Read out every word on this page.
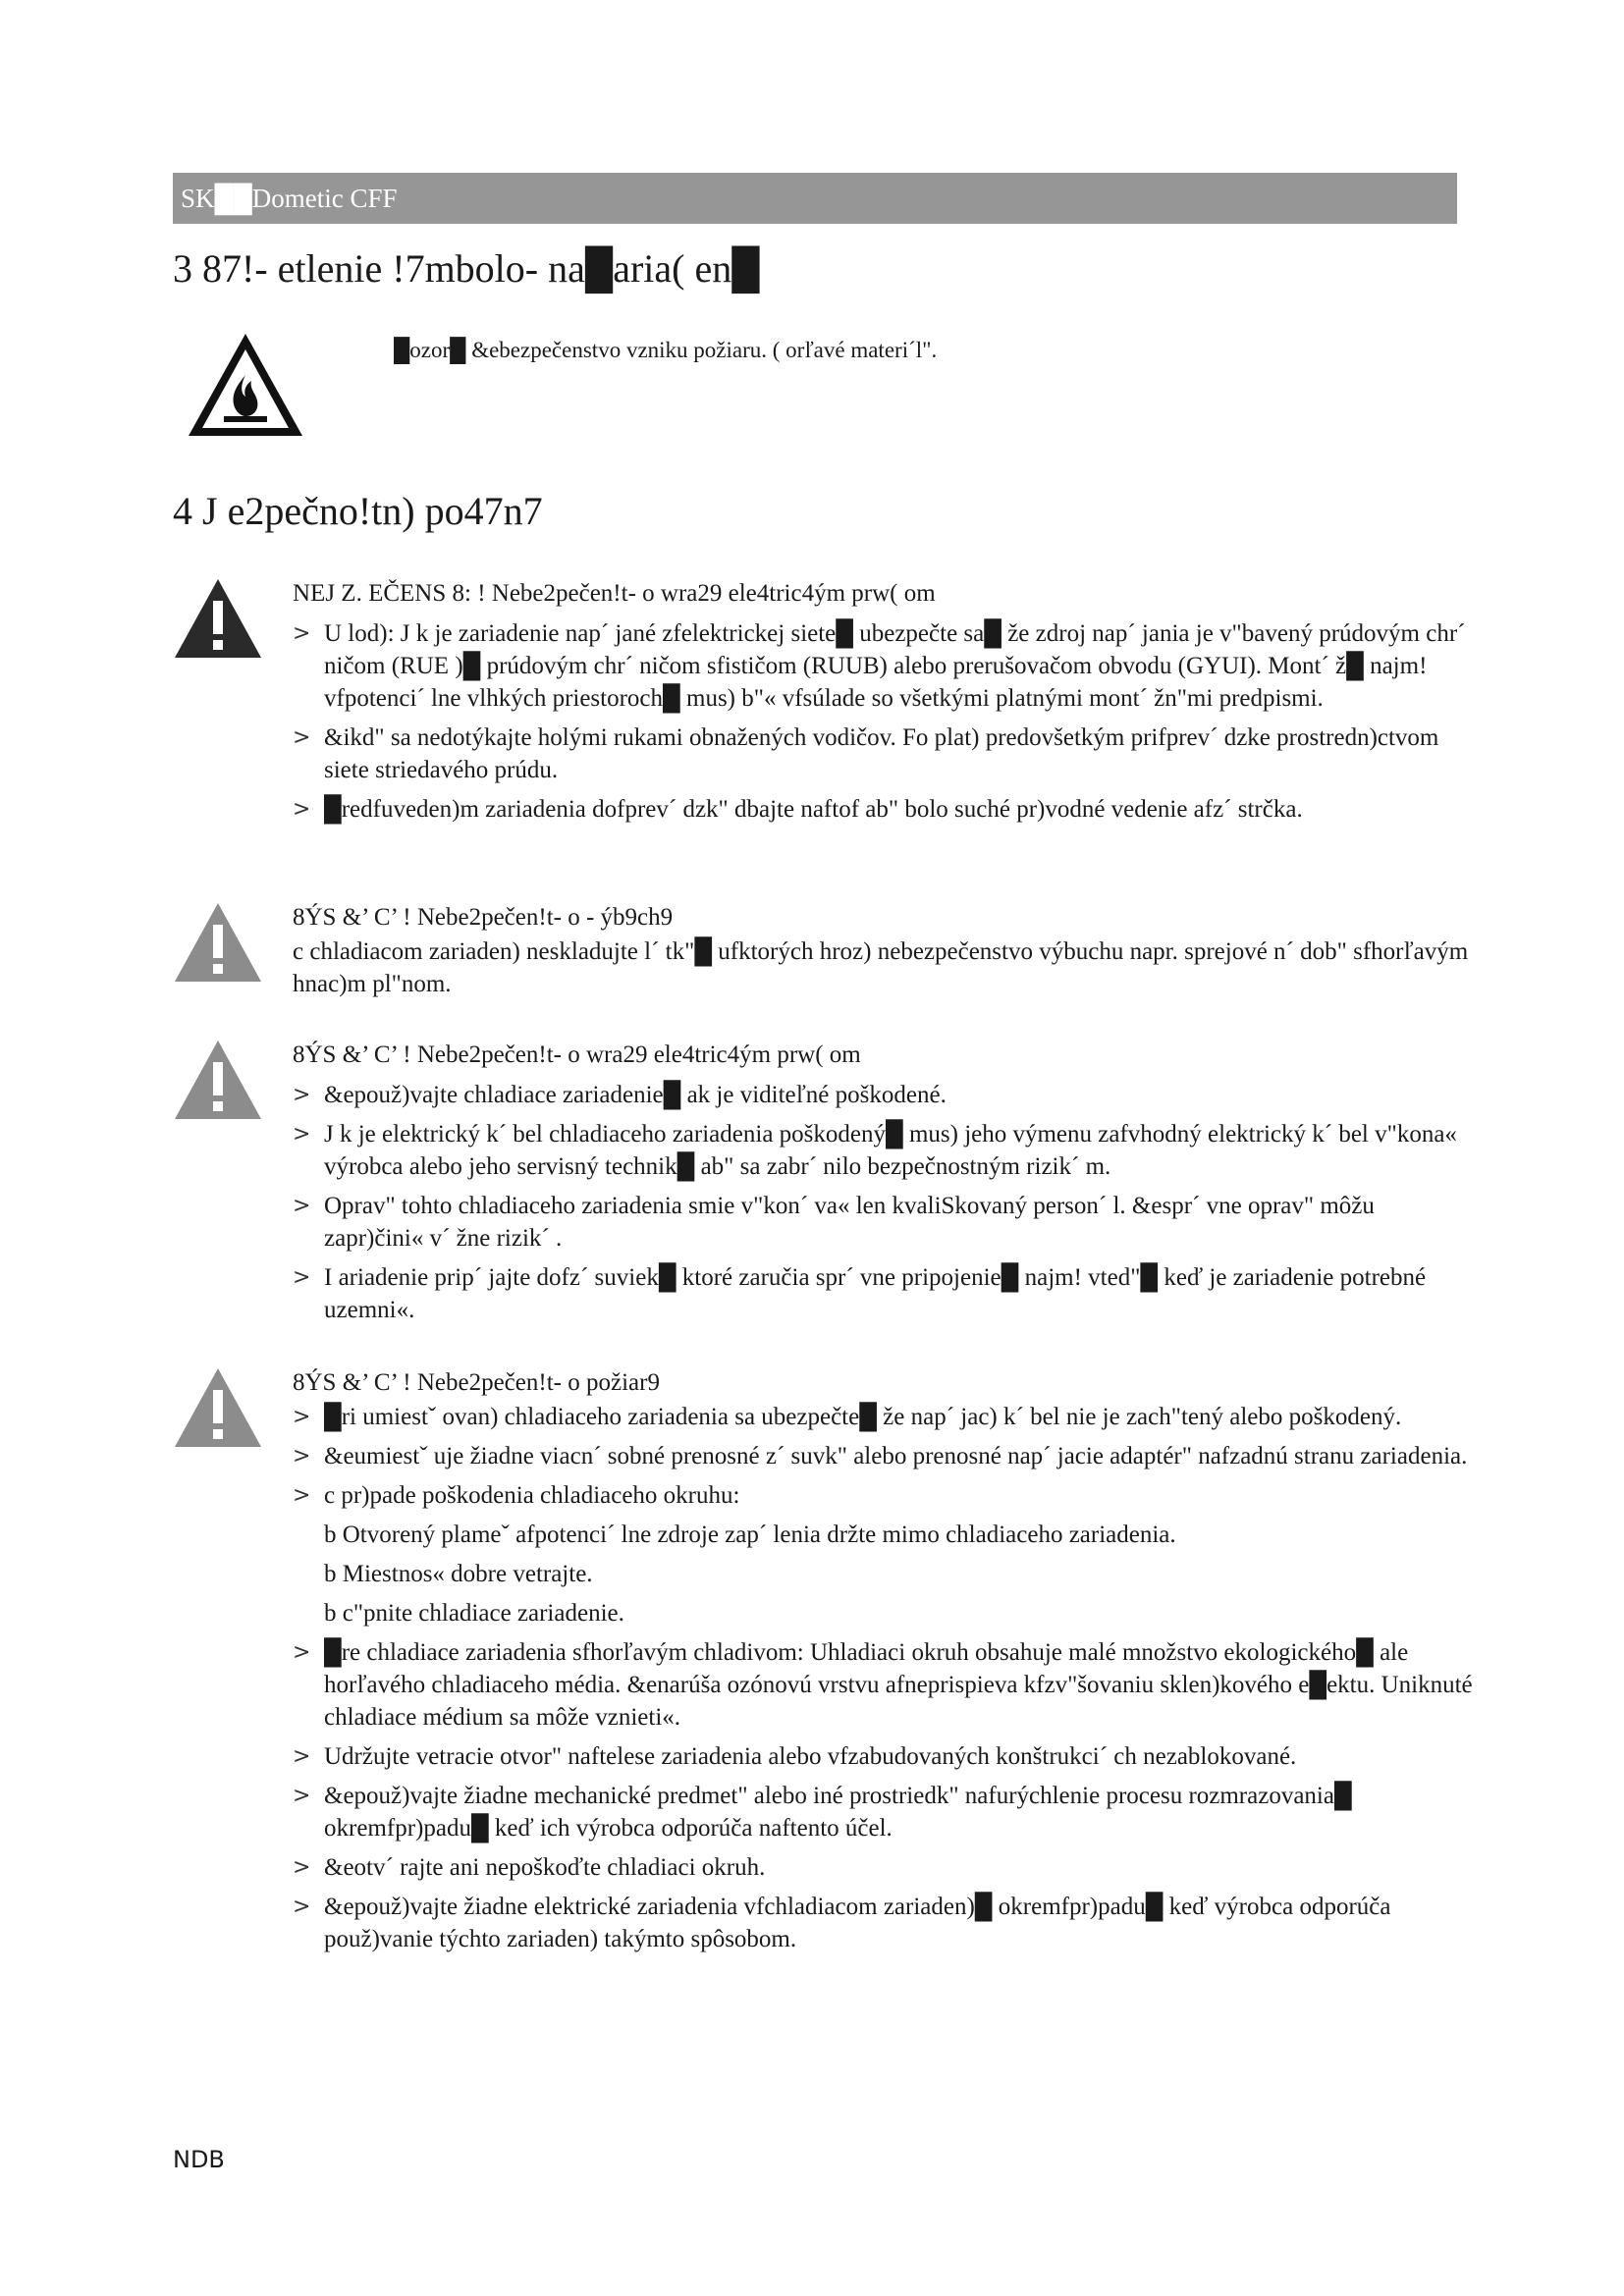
SK██Dometic CFF
3 87!- etlenie !7mbolo- na█aria( en█
█ozor█ &ebezpečenstvo vzniku požiaru. ( orľavé materi´l".
4 J e2pečno!tn) po47n7

NEJ Z. EČENS 8: ! Nebe2pečen!t- o wra29 ele4tric4ým prw( om

> U lod): J k je zariadenie nap´ jané zfelektrickej siete█ ubezpečte sa█ že zdroj nap´ jania je v"bavený prúdovým chr´ ničom (RUE )█ prúdovým chr´ ničom sfističom (RUUB) alebo prerušovačom obvodu (GYUI). Mont´ ž█ najm! vfpotenci´ lne vlhkých priestoroch█ mus) b"« vfsúlade so všetkými platnými mont´ žn"mi predpismi.
> &ikd" sa nedotýkajte holými rukami obnažených vodičov. Fo plat) predovšetkým prifprev´ dzke prostredn)ctvom siete striedavého prúdu.
> █redfuveden)m zariadenia dofprev´ dzk" dbajte naftof ab" bolo suché pr)vodné vedenie afz´ strčka.

8ÝS &’ C’ ! Nebe2pečen!t- o - ýb9ch9

c chladiacom zariaden) neskladujte l´ tk"█ ufktorých hroz) nebezpečenstvo výbuchu napr. sprejové n´ dob" sfhorľavým hnac)m pl"nom.

8ÝS &’ C’ ! Nebe2pečen!t- o wra29 ele4tric4ým prw( om

> &epouž)vajte chladiace zariadenie█ ak je viditeľné poškodené.
> J k je elektrický k´ bel chladiaceho zariadenia poškodený█ mus) jeho výmenu zafvhodný elektrický k´ bel v"kona« výrobca alebo jeho servisný technik█ ab" sa zabr´ nilo bezpečnostným rizik´ m.
> Oprav" tohto chladiaceho zariadenia smie v"kon´ va« len kvaliSkovaný person´ l. &espr´ vne oprav" môžu zapr)čini« v´ žne rizik´ .
> I ariadenie prip´ jajte dofz´ suviek█ ktoré zaručia spr´ vne pripojenie█ najm! vted"█ keď je zariadenie potrebné uzemni«.

8ÝS &’ C’ ! Nebe2pečen!t- o požiar9

> █ri umiestˇ ovan) chladiaceho zariadenia sa ubezpečte█ že nap´ jac) k´ bel nie je zach"tený alebo poškodený.
> &eumiestˇ uje žiadne viacn´ sobné prenosné z´ suvk" alebo prenosné nap´ jacie adaptér" nafzadnú stranu zariadenia.
> c pr)pade poškodenia chladiaceho okruhu:
b Otvorený plameˇ afpotenci´ lne zdroje zap´ lenia držte mimo chladiaceho zariadenia.
b Miestnos« dobre vetrajte.
b c"pnite chladiace zariadenie.
> █re chladiace zariadenia sfhorľavým chladivom: Uhladiaci okruh obsahuje malé množstvo ekologického█ ale horľavého chladiaceho média. &enarúša ozónovú vrstvu afneprispieva kfzv"šovaniu sklen)kového e█ektu. Uniknuté chladiace médium sa môže vznieti«.
> Udržujte vetracie otvor" naftelese zariadenia alebo vfzabudovaných konštrukci´ ch nezablokované.
> &epouž)vajte žiadne mechanické predmet" alebo iné prostriedk" nafurýchlenie procesu rozmrazovania█ okremfpr)padu█ keď ich výrobca odporúča naftento účel.
> &eotv´ rajte ani nepoškoďte chladiaci okruh.
> &epouž)vajte žiadne elektrické zariadenia vfchladiacom zariaden)█ okremfpr)padu█ keď výrobca odporúča použ)vanie týchto zariaden) takýmto spôsobom.
NDB
